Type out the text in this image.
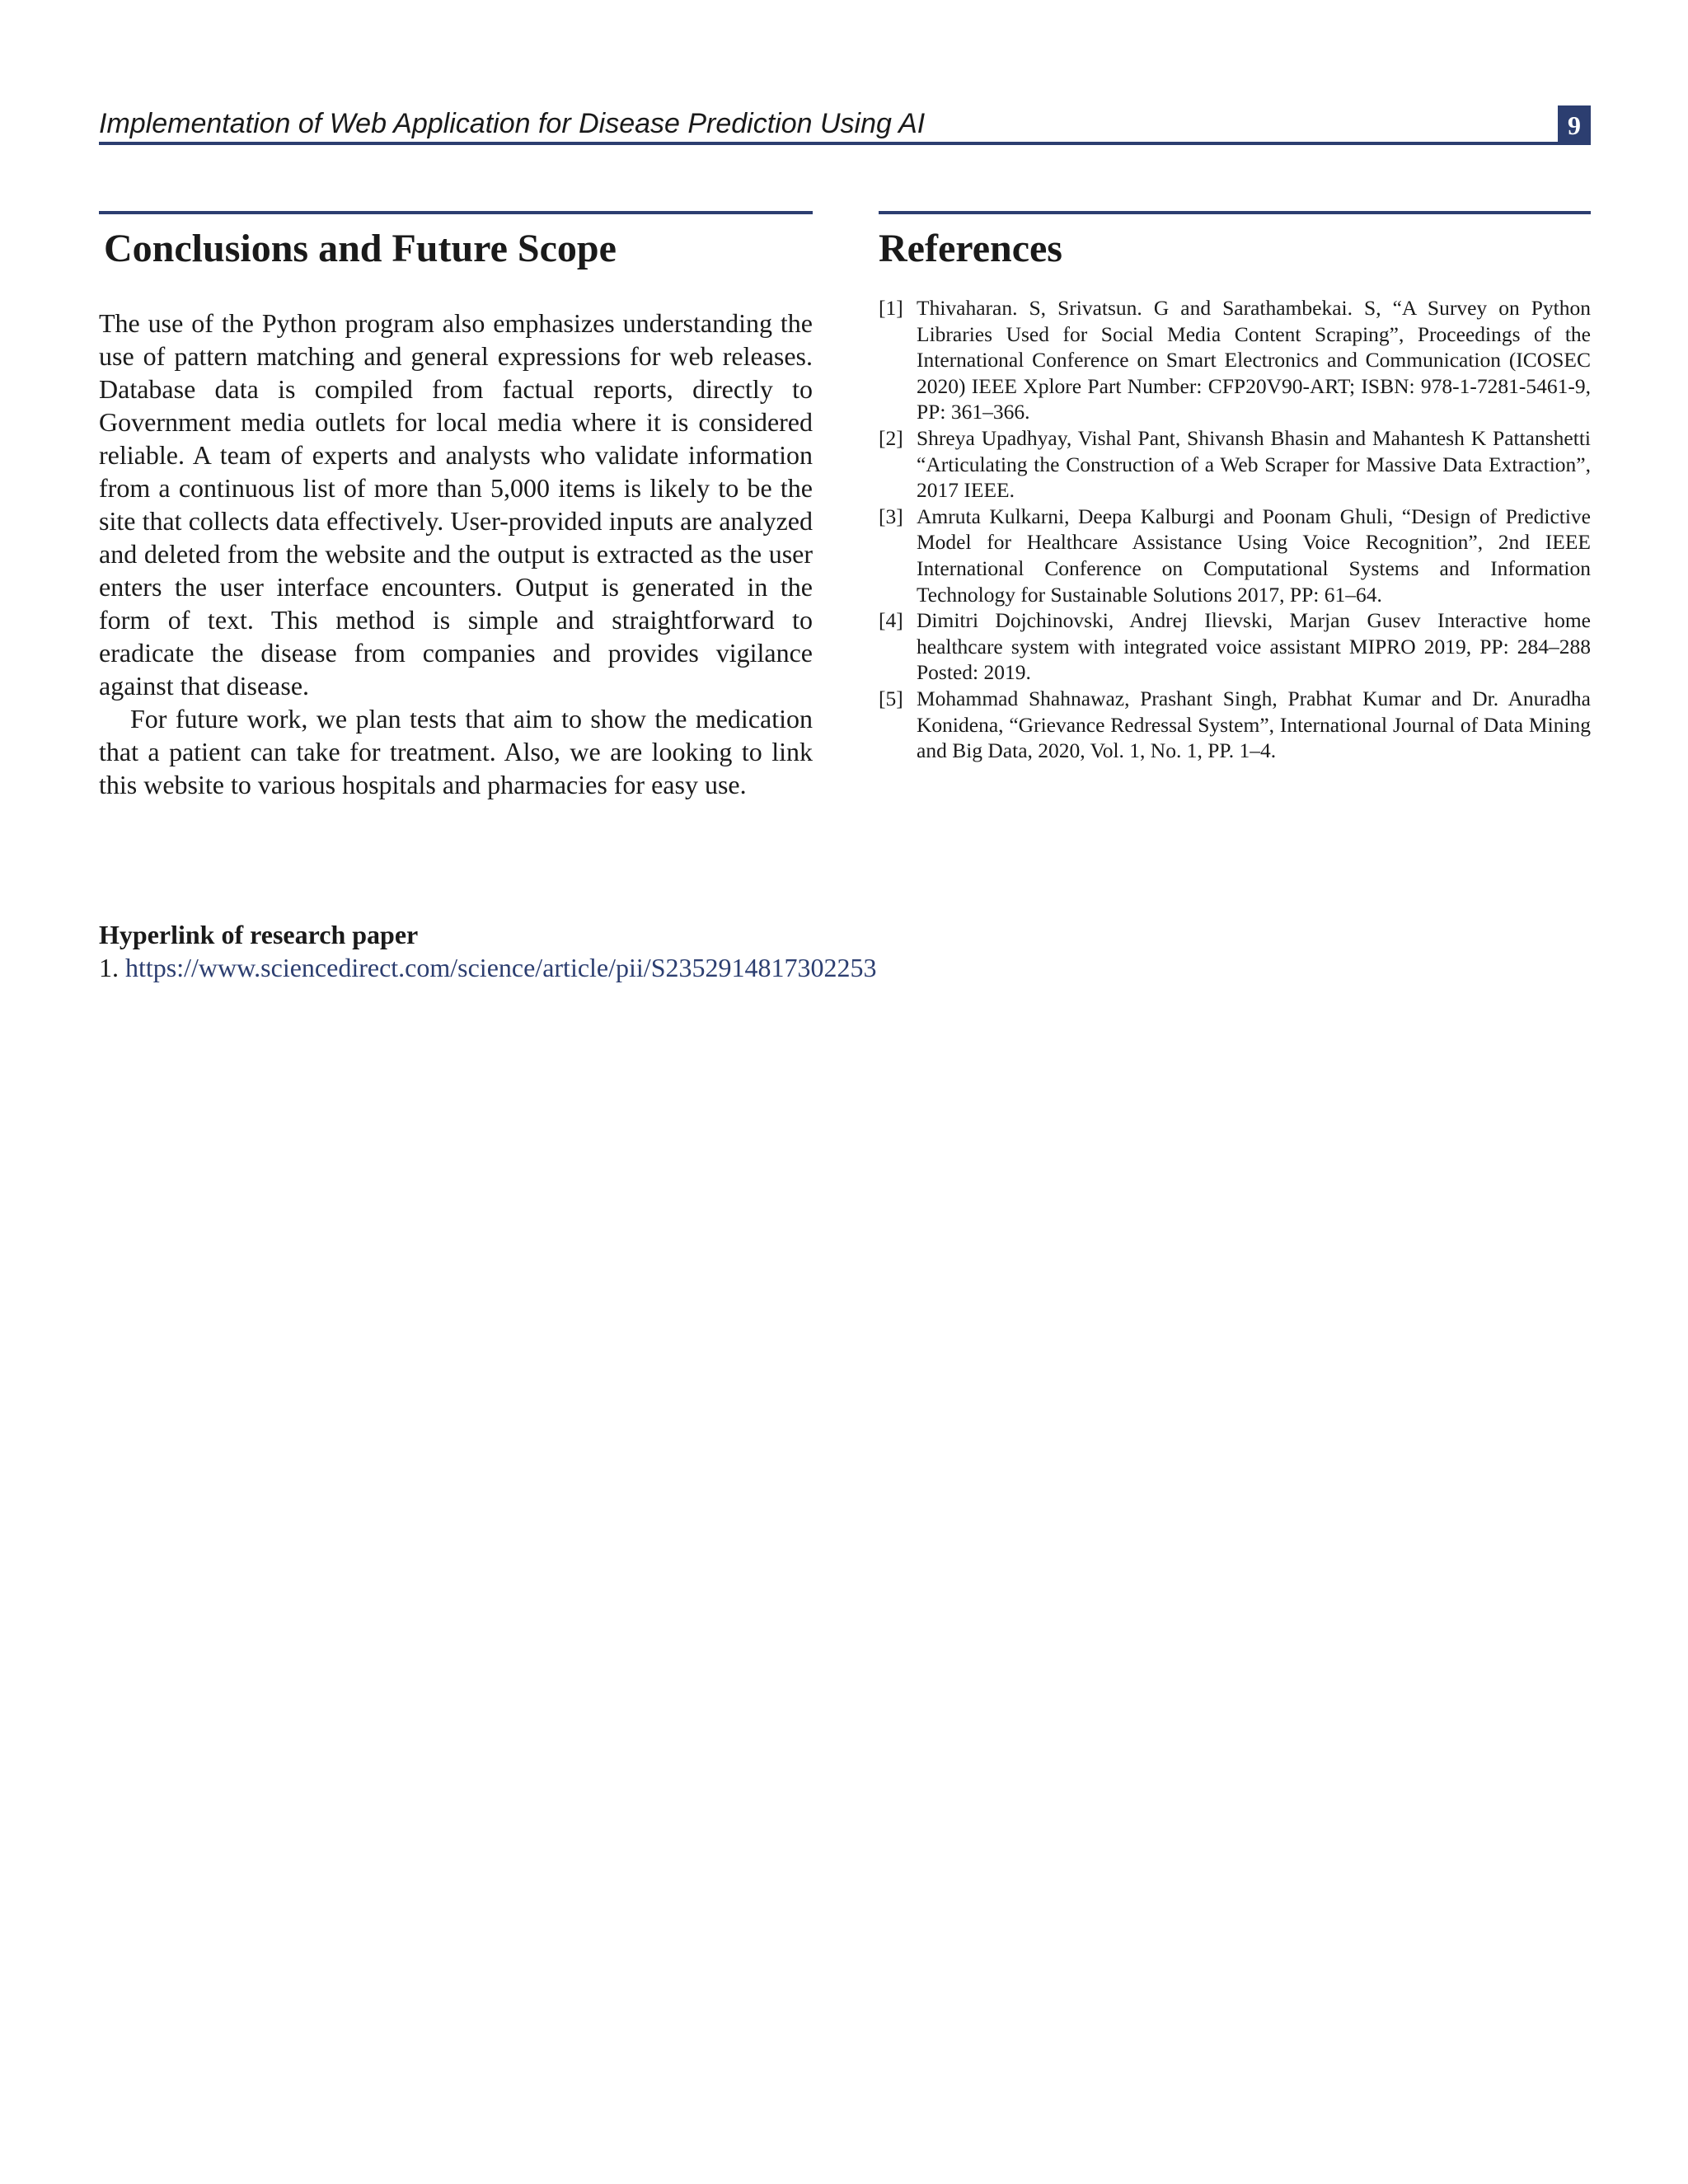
Implementation of Web Application for Disease Prediction Using AI	9
Conclusions and Future Scope

The use of the Python program also emphasizes understanding the use of pattern matching and general expressions for web releases. Database data is compiled from factual reports, directly to Government media outlets for local media where it is considered reliable. A team of experts and analysts who validate information from a continuous list of more than 5,000 items is likely to be the site that collects data effectively. User-provided inputs are analyzed and deleted from the website and the output is extracted as the user enters the user interface encounters. Output is generated in the form of text. This method is simple and straightforward to eradicate the disease from companies and provides vigilance against that disease.

For future work, we plan tests that aim to show the medication that a patient can take for treatment. Also, we are looking to link this website to various hospitals and pharmacies for easy use.

References
[1] Thivaharan. S, Srivatsun. G and Sarathambekai. S, “A Survey on Python Libraries Used for Social Media Content Scraping”, Proceedings of the International Conference on Smart Electronics and Communication (ICOSEC 2020) IEEE Xplore Part Number: CFP20V90-ART; ISBN: 978-1-7281-5461-9, PP: 361–366.
[2] Shreya Upadhyay, Vishal Pant, Shivansh Bhasin and Mahantesh K Pattanshetti “Articulating the Construction of a Web Scraper for Massive Data Extraction”, 2017 IEEE.
[3] Amruta Kulkarni, Deepa Kalburgi and Poonam Ghuli, “Design of Predictive Model for Healthcare Assistance Using Voice Recognition”, 2nd IEEE International Conference on Computational Systems and Information Technology for Sustainable Solutions 2017, PP: 61–64.
[4] Dimitri Dojchinovski, Andrej Ilievski, Marjan Gusev Interactive home healthcare system with integrated voice assistant MIPRO 2019, PP: 284–288 Posted: 2019.
[5] Mohammad Shahnawaz, Prashant Singh, Prabhat Kumar and Dr. Anuradha Konidena, “Grievance Redressal System”, International Journal of Data Mining and Big Data, 2020, Vol. 1, No. 1, PP. 1–4.

Hyperlink of research paper

1. https://www.sciencedirect.com/science/article/pii/S2352914817302253
